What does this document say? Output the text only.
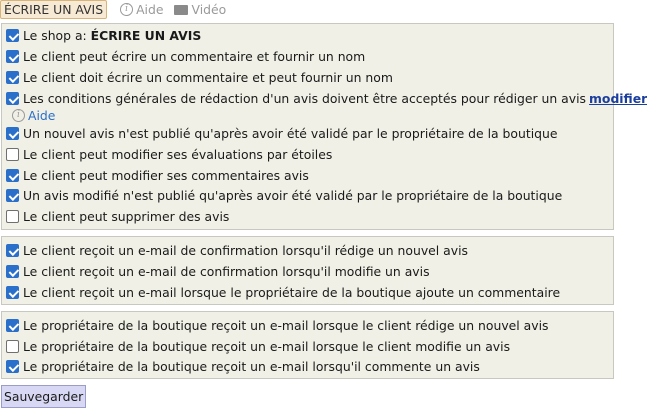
ÉCRIRE UN AVIS	i Aide Vidéo
Le shop a: ÉCRIRE UN AVIS
Le client peut écrire un commentaire et fournir un nom
Le client doit écrire un commentaire et peut fournir un nom
Les conditions générales de rédaction d'un avis doivent être acceptés pour rédiger un avis modifier
i Aide
Un nouvel avis n'est publié qu'après avoir été validé par le propriétaire de la boutique
Le client peut modifier ses évaluations par étoiles
Le client peut modifier ses commentaires avis
Un avis modifié n'est publié qu'après avoir été validé par le propriétaire de la boutique
Le client peut supprimer des avis
Le client reçoit un e-mail de confirmation lorsqu'il rédige un nouvel avis
Le client reçoit un e-mail de confirmation lorsqu'il modifie un avis
Le client reçoit un e-mail lorsque le propriétaire de la boutique ajoute un commentaire
Le propriétaire de la boutique reçoit un e-mail lorsque le client rédige un nouvel avis
Le propriétaire de la boutique reçoit un e-mail lorsque le client modifie un avis
Le propriétaire de la boutique reçoit un e-mail lorsqu'il commente un avis
Sauvegarder
